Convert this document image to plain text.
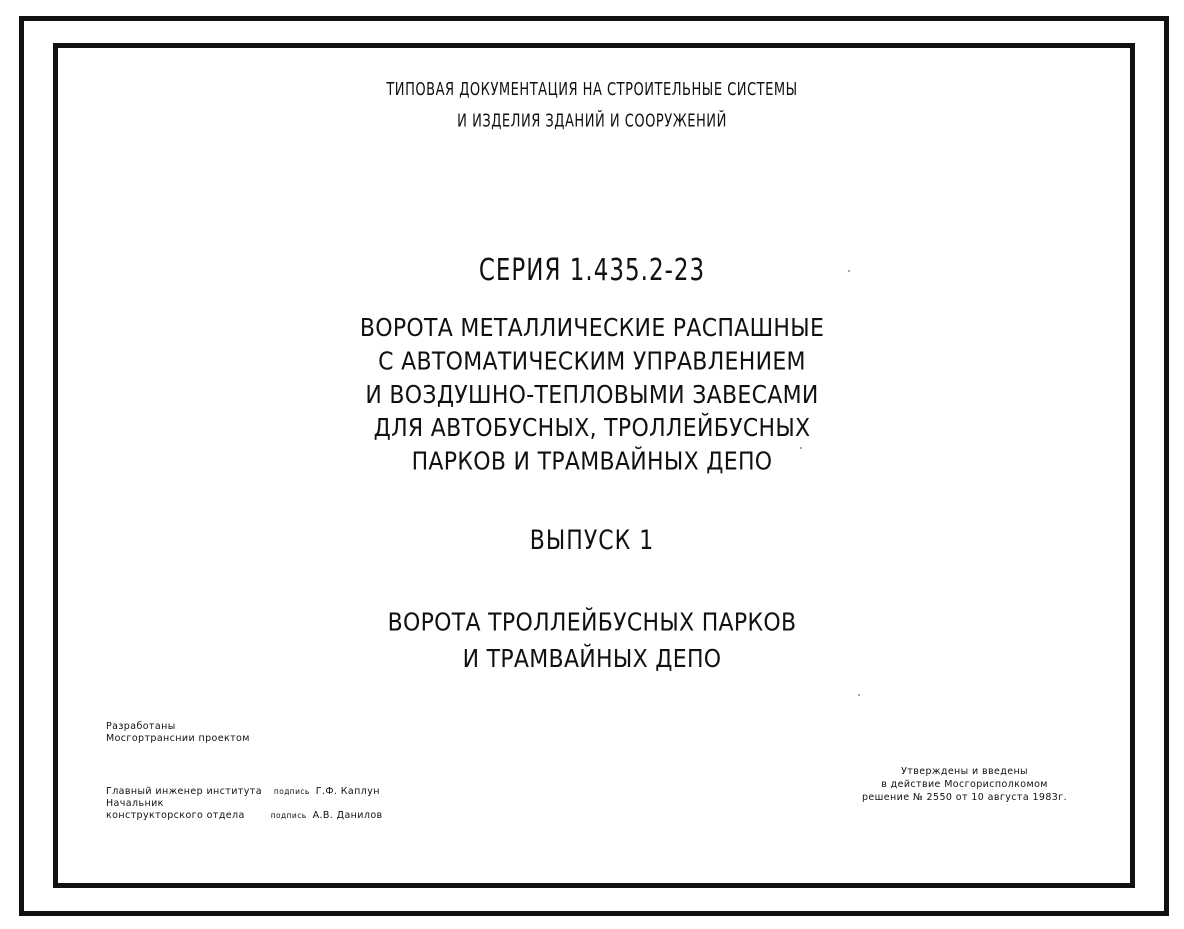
ТИПОВАЯ ДОКУМЕНТАЦИЯ НА СТРОИТЕЛЬНЫЕ СИСТЕМЫ
И ИЗДЕЛИЯ ЗДАНИЙ И СООРУЖЕНИЙ
СЕРИЯ 1.435.2-23
ВОРОТА МЕТАЛЛИЧЕСКИЕ РАСПАШНЫЕ
С АВТОМАТИЧЕСКИМ УПРАВЛЕНИЕМ
И ВОЗДУШНО-ТЕПЛОВЫМИ ЗАВЕСАМИ
ДЛЯ АВТОБУСНЫХ, ТРОЛЛЕЙБУСНЫХ
ПАРКОВ И ТРАМВАЙНЫХ ДЕПО
ВЫПУСК 1
ВОРОТА ТРОЛЛЕЙБУСНЫХ ПАРКОВ
И ТРАМВАЙНЫХ ДЕПО
Разработаны
Мосгортранснии проектом
Главный инженер института подпись Г.Ф. Каплун
Начальник
конструкторского отдела	подпись А.В. Данилов
Утверждены и введены
в действие Мосгорисполкомом
решение № 2550 от 10 августа 1983г.
